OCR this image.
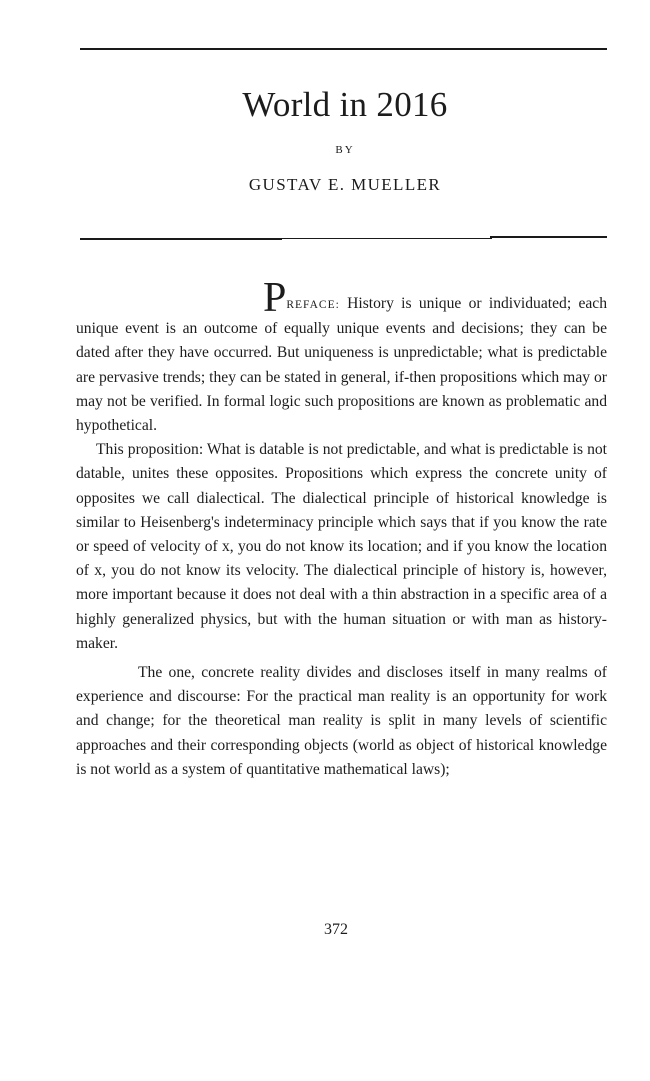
World in 2016
BY
GUSTAV E. MUELLER

PREFACE: History is unique or individuated; each unique event is an outcome of equally unique events and decisions; they can be dated after they have occurred. But uniqueness is unpredictable; what is predictable are pervasive trends; they can be stated in general, if-then propositions which may or may not be verified. In formal logic such propositions are known as problematic and hypothetical.

This proposition: What is datable is not predictable, and what is predictable is not datable, unites these opposites. Propositions which express the concrete unity of opposites we call dialectical. The dialectical principle of historical knowledge is similar to Heisenberg's indeterminacy principle which says that if you know the rate or speed of velocity of x, you do not know its location; and if you know the location of x, you do not know its velocity. The dialectical principle of history is, however, more important because it does not deal with a thin abstraction in a specific area of a highly generalized physics, but with the human situation or with man as history-maker.

The one, concrete reality divides and discloses itself in many realms of experience and discourse: For the practical man reality is an opportunity for work and change; for the theoretical man reality is split in many levels of scientific approaches and their corresponding objects (world as object of historical knowledge is not world as a system of quantitative mathematical laws);

372
